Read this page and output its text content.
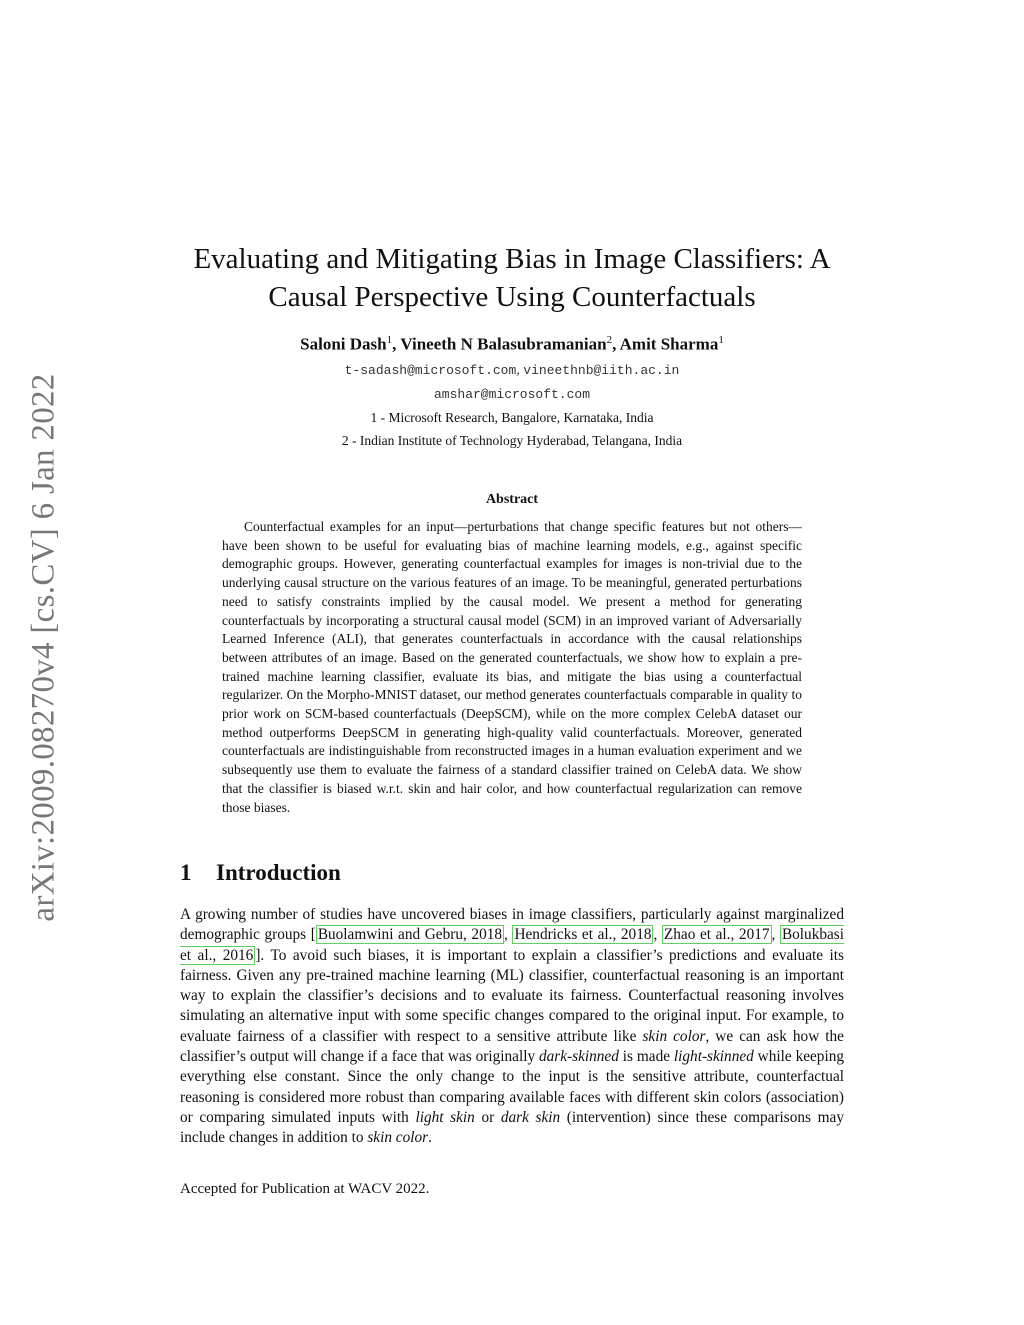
arXiv:2009.08270v4 [cs.CV] 6 Jan 2022
Evaluating and Mitigating Bias in Image Classifiers: A
Causal Perspective Using Counterfactuals
Saloni Dash$^1$, Vineeth N Balasubramanian$^2$, Amit Sharma$^1$
t-sadash@microsoft.com, vineethnb@iith.ac.in
amshar@microsoft.com
1 - Microsoft Research, Bangalore, Karnataka, India
2 - Indian Institute of Technology Hyderabad, Telangana, India
Abstract

Counterfactual examples for an input—perturbations that change specific features but not others—have been shown to be useful for evaluating bias of machine learning models, e.g., against specific demographic groups. However, generating counterfactual examples for images is non-trivial due to the underlying causal structure on the various features of an image. To be meaningful, generated perturbations need to satisfy constraints implied by the causal model. We present a method for generating counterfactuals by incorporating a structural causal model (SCM) in an improved variant of Adversarially Learned Inference (ALI), that generates counterfactuals in accordance with the causal relationships between attributes of an image. Based on the generated counterfactuals, we show how to explain a pre-trained machine learning classifier, evaluate its bias, and mitigate the bias using a counterfactual regularizer. On the Morpho-MNIST dataset, our method generates counterfactuals comparable in quality to prior work on SCM-based counterfactuals (DeepSCM), while on the more complex CelebA dataset our method outperforms DeepSCM in generating high-quality valid counterfactuals. Moreover, generated counterfactuals are indistinguishable from reconstructed images in a human evaluation experiment and we subsequently use them to evaluate the fairness of a standard classifier trained on CelebA data. We show that the classifier is biased w.r.t. skin and hair color, and how counterfactual regularization can remove those biases.

1 Introduction

A growing number of studies have uncovered biases in image classifiers, particularly against marginalized demographic groups [ Buolamwini and Gebru, 2018 , Hendricks et al., 2018 , Zhao et al., 2017 , Bolukbasi et al., 2016 ]. To avoid such biases, it is important to explain a classifier’s predictions and evaluate its fairness. Given any pre-trained machine learning (ML) classifier, counterfactual reasoning is an important way to explain the classifier’s decisions and to evaluate its fairness. Counterfactual reasoning involves simulating an alternative input with some specific changes compared to the original input. For example, to evaluate fairness of a classifier with respect to a sensitive attribute like skin color, we can ask how the classifier’s output will change if a face that was originally dark-skinned is made light-skinned while keeping everything else constant. Since the only change to the input is the sensitive attribute, counterfactual reasoning is considered more robust than comparing available faces with different skin colors (association) or comparing simulated inputs with light skin or dark skin (intervention) since these comparisons may include changes in addition to skin color.

Accepted for Publication at WACV 2022.
